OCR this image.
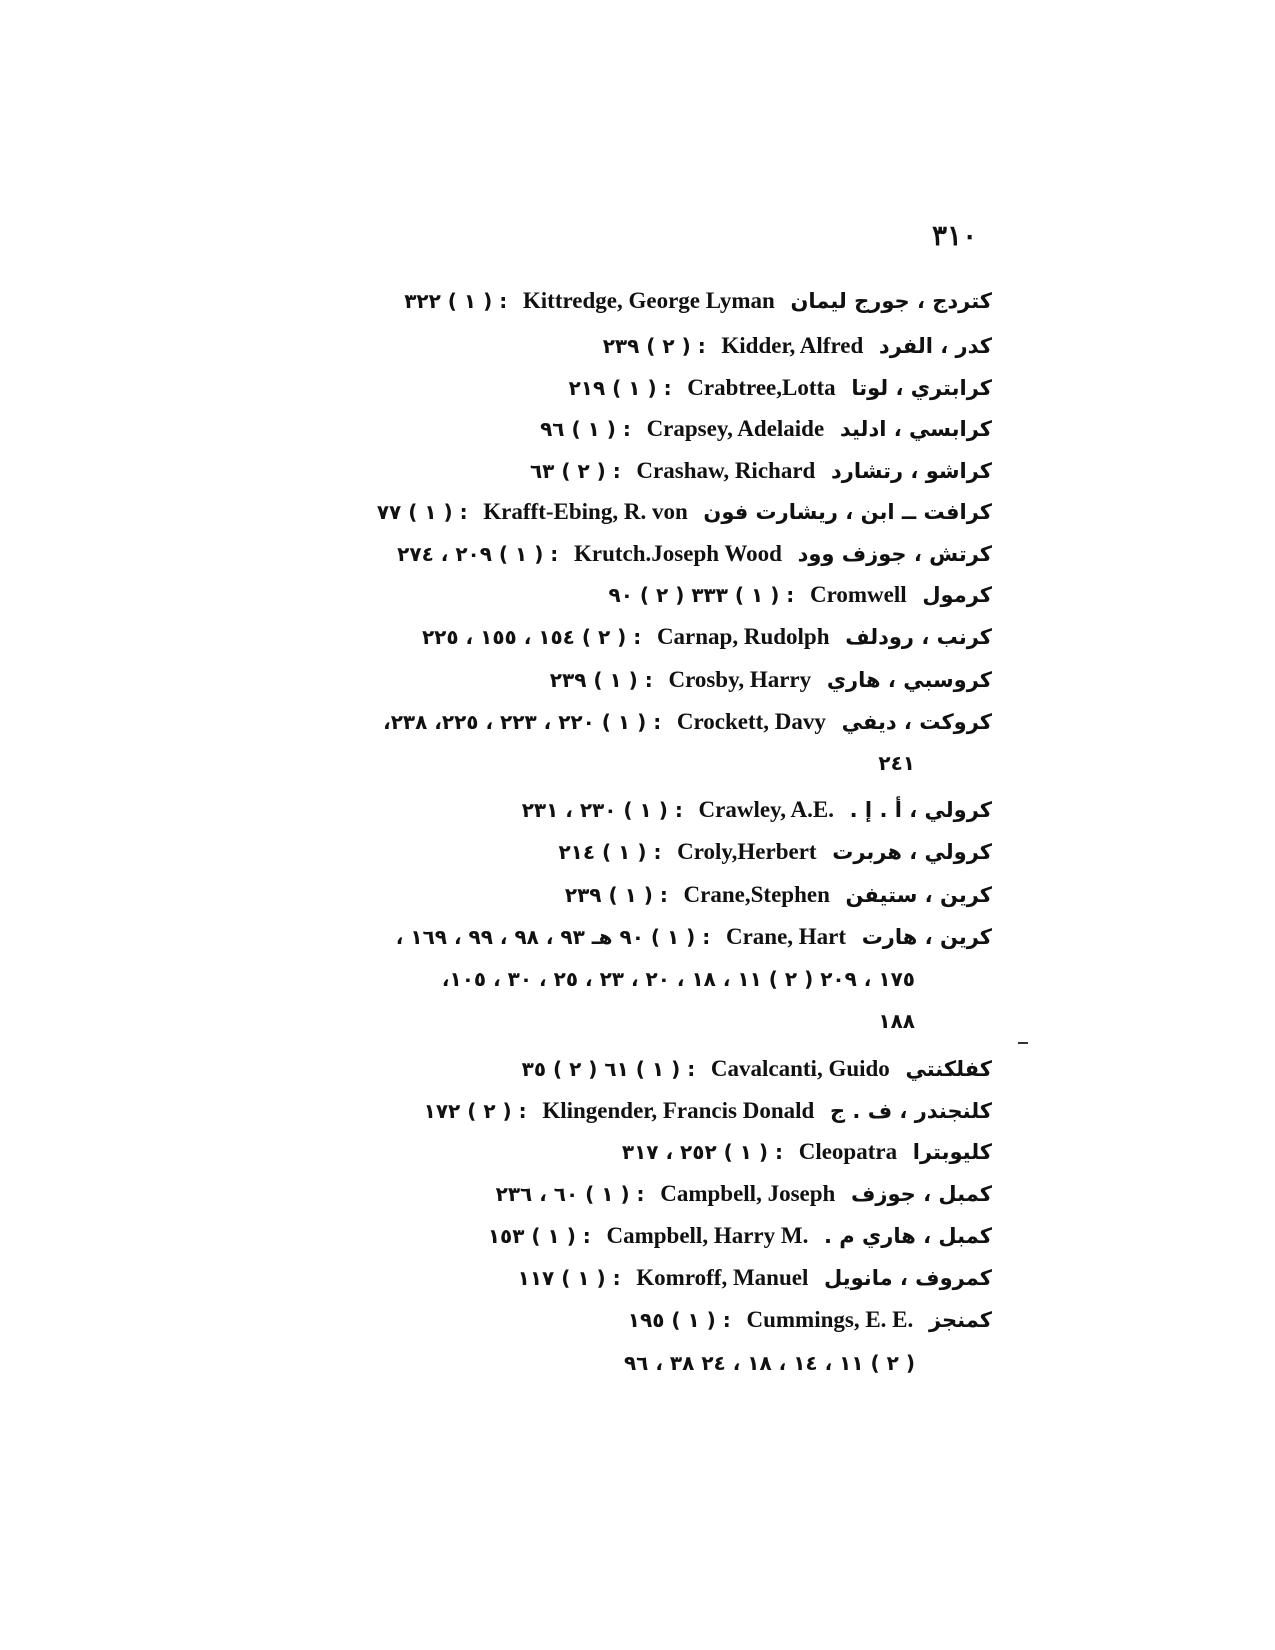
٣١٠
كتردج ، جورج ليمان Kittredge, George Lyman : ( ١ ) ٣٢٢
كدر ، الفرد Kidder, Alfred : ( ٢ ) ٢٣٩
كرابتري ، لوتا Crabtree,Lotta : ( ١ ) ٢١٩
كرابسي ، ادليد Crapsey, Adelaide : ( ١ ) ٩٦
كراشو ، رتشارد Crashaw, Richard : ( ٢ ) ٦٣
كرافت ــ ابن ، ريشارت فون Krafft-Ebing, R. von : ( ١ ) ٧٧
كرتش ، جوزف وود Krutch.Joseph Wood : ( ١ ) ٢٠٩ ، ٢٧٤
كرمول Cromwell : ( ١ ) ٣٣٣ ( ٢ ) ٩٠
كرنب ، رودلف Carnap, Rudolph : ( ٢ ) ١٥٤ ، ١٥٥ ، ٢٢٥
كروسبي ، هاري Crosby, Harry : ( ١ ) ٢٣٩
كروكت ، ديفي Crockett, Davy : ( ١ ) ٢٢٠ ، ٢٢٣ ، ٢٢٥، ٢٣٨،
٢٤١
كرولي ، أ . إ . Crawley, A.E. : ( ١ ) ٢٣٠ ، ٢٣١
كرولي ، هربرت Croly,Herbert : ( ١ ) ٢١٤
كرين ، ستيفن Crane,Stephen : ( ١ ) ٢٣٩
كرين ، هارت Crane, Hart : ( ١ ) ٩٠ هـ ٩٣ ، ٩٨ ، ٩٩ ، ١٦٩ ،
١٧٥ ، ٢٠٩ ( ٢ ) ١١ ، ١٨ ، ٢٠ ، ٢٣ ، ٢٥ ، ٣٠ ، ١٠٥،
١٨٨
كفلكنتي Cavalcanti, Guido : ( ١ ) ٦١ ( ٢ ) ٣٥
كلنجندر ، ف . ج Klingender, Francis Donald : ( ٢ ) ١٧٢
كليوبترا Cleopatra : ( ١ ) ٢٥٢ ، ٣١٧
كمبل ، جوزف Campbell, Joseph : ( ١ ) ٦٠ ، ٢٣٦
كمبل ، هاري م . Campbell, Harry M. : ( ١ ) ١٥٣
كمروف ، مانويل Komroff, Manuel : ( ١ ) ١١٧
كمنجز Cummings, E. E. : ( ١ ) ١٩٥
( ٢ ) ١١ ، ١٤ ، ١٨ ، ٢٤ ٣٨ ، ٩٦
